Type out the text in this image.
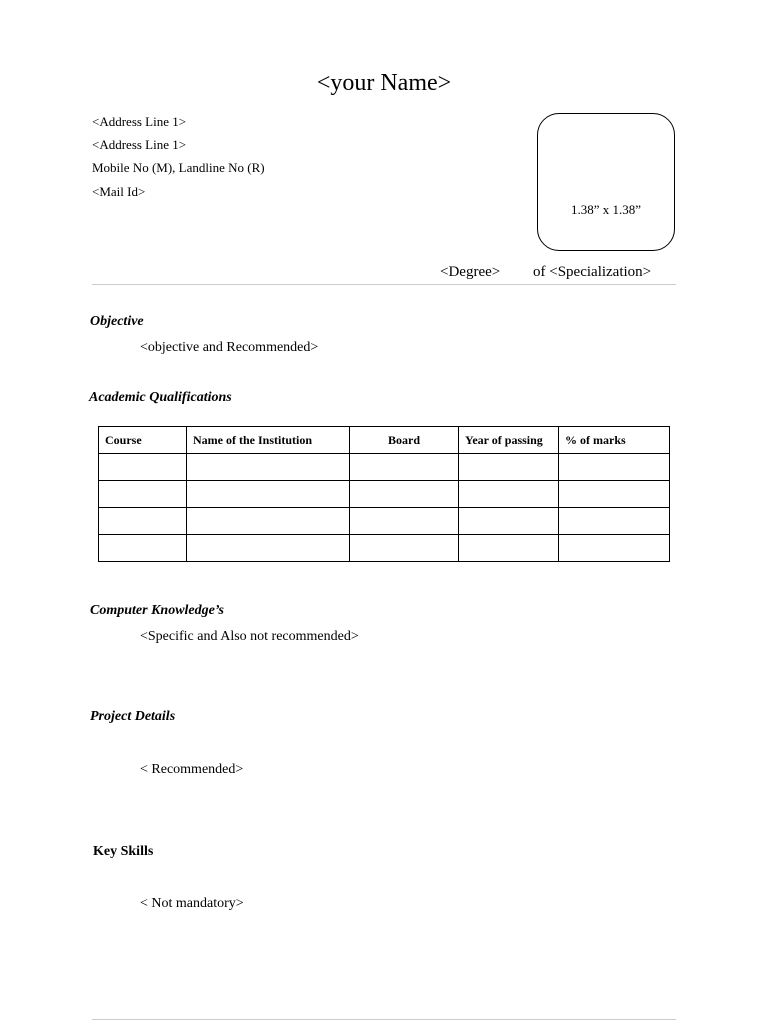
<your Name>
<Address Line 1>
<Address Line 1>
Mobile No (M), Landline No (R)
<Mail Id>
1.38” x 1.38”
<Degree> of <Specialization>
Objective
<objective and Recommended>
Academic Qualifications
Course	Name of the Institution	Board	Year of passing	% of marks

Computer Knowledge’s
<Specific and Also not recommended>
Project Details
< Recommended>
Key Skills
< Not mandatory>
